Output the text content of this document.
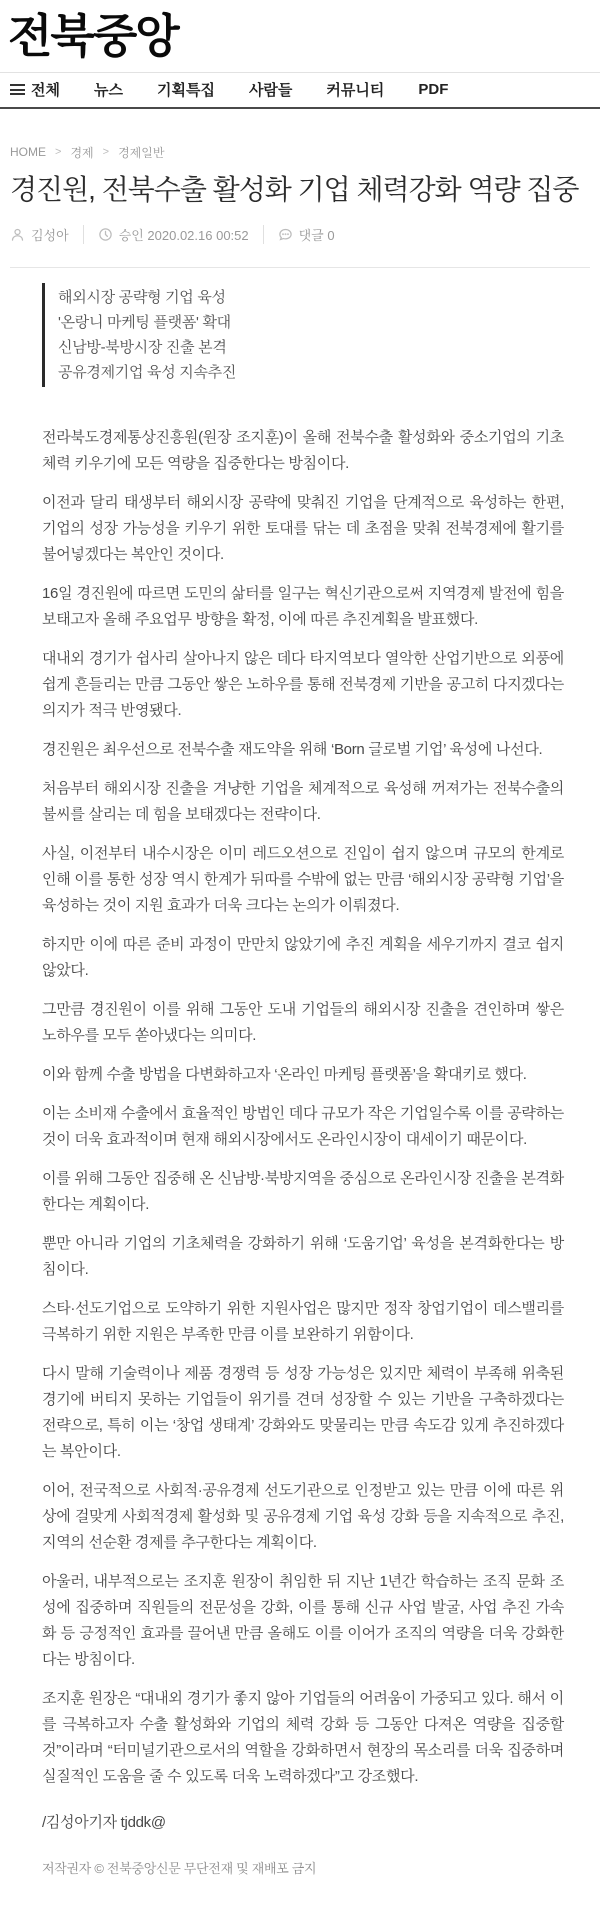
전북중앙
전체 뉴스 기획특집 사람들 커뮤니티 PDF
HOME > 경제 > 경제일반
경진원, 전북수출 활성화 기업 체력강화 역량 집중
김성아	승인 2020.02.16 00:52	댓글 0
해외시장 공략형 기업 육성
'온랑니 마케팅 플랫폼' 확대
신남방-북방시장 진출 본격
공유경제기업 육성 지속추진

전라북도경제통상진흥원(원장 조지훈)이 올해 전북수출 활성화와 중소기업의 기초체력 키우기에 모든 역량을 집중한다는 방침이다.

이전과 달리 태생부터 해외시장 공략에 맞춰진 기업을 단계적으로 육성하는 한편, 기업의 성장 가능성을 키우기 위한 토대를 닦는 데 초점을 맞춰 전북경제에 활기를 불어넣겠다는 복안인 것이다.

16일 경진원에 따르면 도민의 삶터를 일구는 혁신기관으로써 지역경제 발전에 힘을 보태고자 올해 주요업무 방향을 확정, 이에 따른 추진계획을 발표했다.

대내외 경기가 쉽사리 살아나지 않은 데다 타지역보다 열악한 산업기반으로 외풍에 쉽게 흔들리는 만큼 그동안 쌓은 노하우를 통해 전북경제 기반을 공고히 다지겠다는 의지가 적극 반영됐다.

경진원은 최우선으로 전북수출 재도약을 위해 ‘Born 글로벌 기업’ 육성에 나선다.

처음부터 해외시장 진출을 겨냥한 기업을 체계적으로 육성해 꺼져가는 전북수출의 불씨를 살리는 데 힘을 보태겠다는 전략이다.

사실, 이전부터 내수시장은 이미 레드오션으로 진입이 쉽지 않으며 규모의 한계로 인해 이를 통한 성장 역시 한계가 뒤따를 수밖에 없는 만큼 ‘해외시장 공략형 기업’을 육성하는 것이 지원 효과가 더욱 크다는 논의가 이뤄졌다.

하지만 이에 따른 준비 과정이 만만치 않았기에 추진 계획을 세우기까지 결코 쉽지 않았다.

그만큼 경진원이 이를 위해 그동안 도내 기업들의 해외시장 진출을 견인하며 쌓은 노하우를 모두 쏟아냈다는 의미다.

이와 함께 수출 방법을 다변화하고자 ‘온라인 마케팅 플랫폼’을 확대키로 했다.

이는 소비재 수출에서 효율적인 방법인 데다 규모가 작은 기업일수록 이를 공략하는 것이 더욱 효과적이며 현재 해외시장에서도 온라인시장이 대세이기 때문이다.

이를 위해 그동안 집중해 온 신남방·북방지역을 중심으로 온라인시장 진출을 본격화한다는 계획이다.

뿐만 아니라 기업의 기초체력을 강화하기 위해 ‘도움기업’ 육성을 본격화한다는 방침이다.

스타·선도기업으로 도약하기 위한 지원사업은 많지만 정작 창업기업이 데스밸리를 극복하기 위한 지원은 부족한 만큼 이를 보완하기 위함이다.

다시 말해 기술력이나 제품 경쟁력 등 성장 가능성은 있지만 체력이 부족해 위축된 경기에 버티지 못하는 기업들이 위기를 견뎌 성장할 수 있는 기반을 구축하겠다는 전략으로, 특히 이는 ‘창업 생태계’ 강화와도 맞물리는 만큼 속도감 있게 추진하겠다는 복안이다.

이어, 전국적으로 사회적·공유경제 선도기관으로 인정받고 있는 만큼 이에 따른 위상에 걸맞게 사회적경제 활성화 및 공유경제 기업 육성 강화 등을 지속적으로 추진, 지역의 선순환 경제를 추구한다는 계획이다.

아울러, 내부적으로는 조지훈 원장이 취임한 뒤 지난 1년간 학습하는 조직 문화 조성에 집중하며 직원들의 전문성을 강화, 이를 통해 신규 사업 발굴, 사업 추진 가속화 등 긍정적인 효과를 끌어낸 만큼 올해도 이를 이어가 조직의 역량을 더욱 강화한다는 방침이다.

조지훈 원장은 “대내외 경기가 좋지 않아 기업들의 어려움이 가중되고 있다. 해서 이를 극복하고자 수출 활성화와 기업의 체력 강화 등 그동안 다져온 역량을 집중할 것”이라며 “터미널기관으로서의 역할을 강화하면서 현장의 목소리를 더욱 집중하며 실질적인 도움을 줄 수 있도록 더욱 노력하겠다”고 강조했다.

/김성아기자 tjddk@

저작권자 © 전북중앙신문 무단전재 및 재배포 금지
